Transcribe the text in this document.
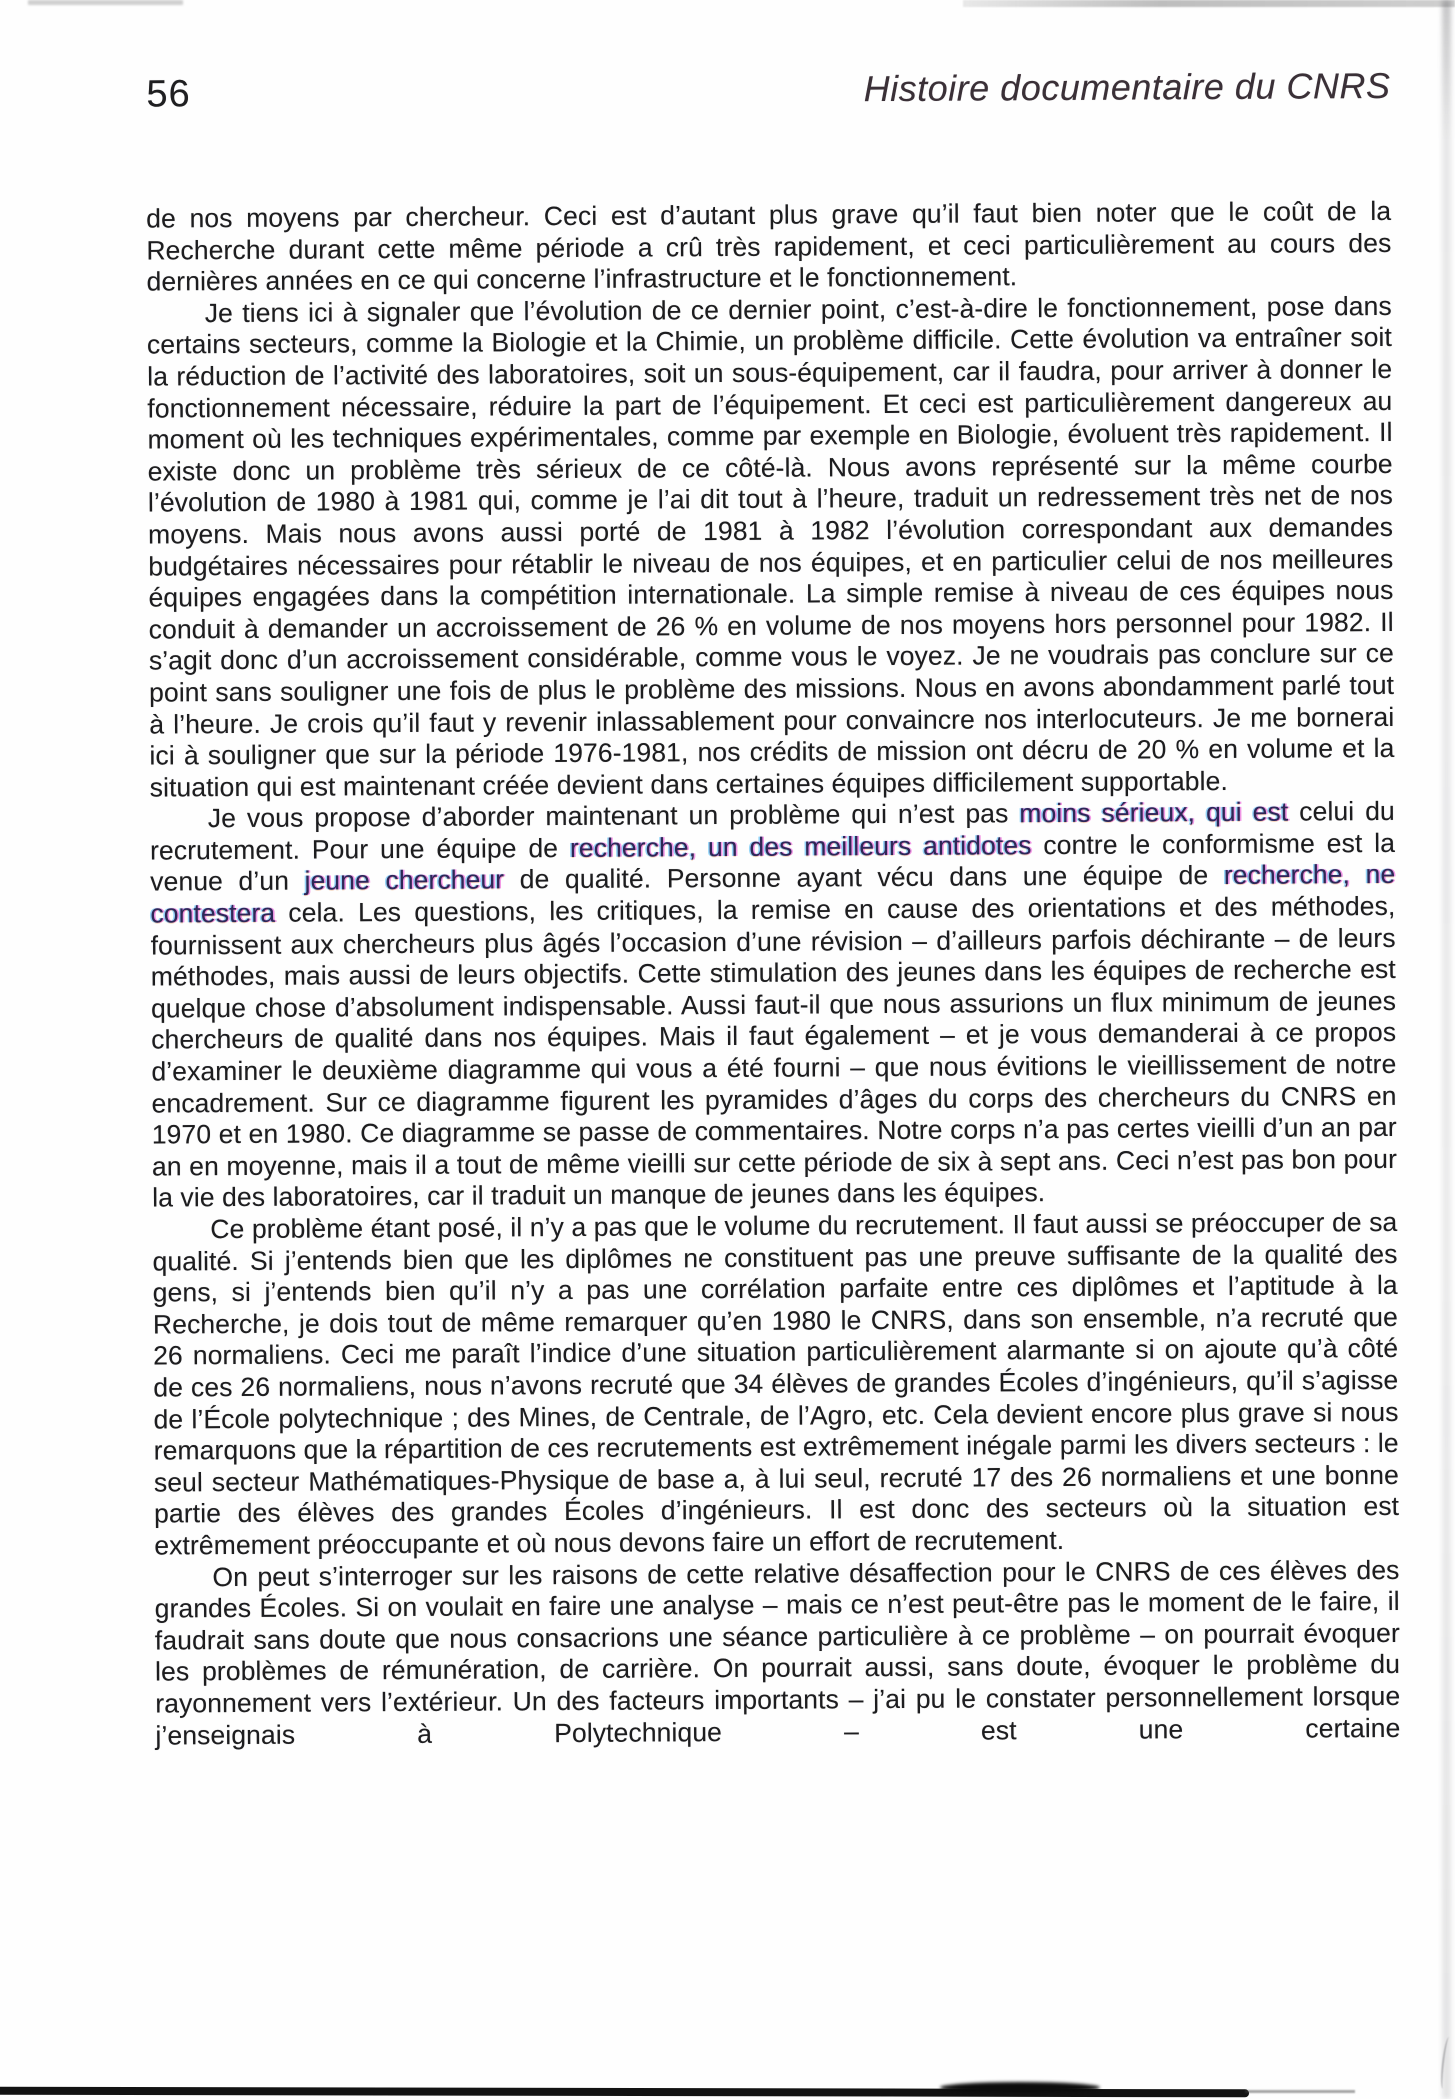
56	Histoire documentaire du CNRS

de nos moyens par chercheur. Ceci est d’autant plus grave qu’il faut bien noter que le coût de la Recherche durant cette même période a crû très rapidement, et ceci particulièrement au cours des dernières années en ce qui concerne l’infrastructure et le fonctionnement.

Je tiens ici à signaler que l’évolution de ce dernier point, c’est-à-dire le fonctionnement, pose dans certains secteurs, comme la Biologie et la Chimie, un problème difficile. Cette évolution va entraîner soit la réduction de l’activité des laboratoires, soit un sous-équipement, car il faudra, pour arriver à donner le fonctionnement nécessaire, réduire la part de l’équipement. Et ceci est particulièrement dangereux au moment où les techniques expérimentales, comme par exemple en Biologie, évoluent très rapidement. Il existe donc un problème très sérieux de ce côté-là. Nous avons représenté sur la même courbe l’évolution de 1980 à 1981 qui, comme je l’ai dit tout à l’heure, traduit un redressement très net de nos moyens. Mais nous avons aussi porté de 1981 à 1982 l’évolution correspondant aux demandes budgétaires nécessaires pour rétablir le niveau de nos équipes, et en particulier celui de nos meilleures équipes engagées dans la compétition internationale. La simple remise à niveau de ces équipes nous conduit à demander un accroissement de 26 % en volume de nos moyens hors personnel pour 1982. Il s’agit donc d’un accroissement considérable, comme vous le voyez. Je ne voudrais pas conclure sur ce point sans souligner une fois de plus le problème des missions. Nous en avons abondamment parlé tout à l’heure. Je crois qu’il faut y revenir inlassablement pour convaincre nos interlocuteurs. Je me bornerai ici à souligner que sur la période 1976-1981, nos crédits de mission ont décru de 20 % en volume et la situation qui est maintenant créée devient dans certaines équipes difficilement supportable.

Je vous propose d’aborder maintenant un problème qui n’est pas moins sérieux, qui est celui du recrutement. Pour une équipe de recherche, un des meilleurs antidotes contre le conformisme est la venue d’un jeune chercheur de qualité. Personne ayant vécu dans une équipe de recherche, ne contestera cela. Les questions, les critiques, la remise en cause des orientations et des méthodes, fournissent aux chercheurs plus âgés l’occasion d’une révision – d’ailleurs parfois déchirante – de leurs méthodes, mais aussi de leurs objectifs. Cette stimulation des jeunes dans les équipes de recherche est quelque chose d’absolument indispensable. Aussi faut-il que nous assurions un flux minimum de jeunes chercheurs de qualité dans nos équipes. Mais il faut également – et je vous demanderai à ce propos d’examiner le deuxième diagramme qui vous a été fourni – que nous évitions le vieillissement de notre encadrement. Sur ce diagramme figurent les pyramides d’âges du corps des chercheurs du CNRS en 1970 et en 1980. Ce diagramme se passe de commentaires. Notre corps n’a pas certes vieilli d’un an par an en moyenne, mais il a tout de même vieilli sur cette période de six à sept ans. Ceci n’est pas bon pour la vie des laboratoires, car il traduit un manque de jeunes dans les équipes.

Ce problème étant posé, il n’y a pas que le volume du recrutement. Il faut aussi se préoccuper de sa qualité. Si j’entends bien que les diplômes ne constituent pas une preuve suffisante de la qualité des gens, si j’entends bien qu’il n’y a pas une corrélation parfaite entre ces diplômes et l’aptitude à la Recherche, je dois tout de même remarquer qu’en 1980 le CNRS, dans son ensemble, n’a recruté que 26 normaliens. Ceci me paraît l’indice d’une situation particulièrement alarmante si on ajoute qu’à côté de ces 26 normaliens, nous n’avons recruté que 34 élèves de grandes Écoles d’ingénieurs, qu’il s’agisse de l’École polytechnique ; des Mines, de Centrale, de l’Agro, etc. Cela devient encore plus grave si nous remarquons que la répartition de ces recrutements est extrêmement inégale parmi les divers secteurs : le seul secteur Mathématiques-Physique de base a, à lui seul, recruté 17 des 26 normaliens et une bonne partie des élèves des grandes Écoles d’ingénieurs. Il est donc des secteurs où la situation est extrêmement préoccupante et où nous devons faire un effort de recrutement.

On peut s’interroger sur les raisons de cette relative désaffection pour le CNRS de ces élèves des grandes Écoles. Si on voulait en faire une analyse – mais ce n’est peut-être pas le moment de le faire, il faudrait sans doute que nous consacrions une séance particulière à ce problème – on pourrait évoquer les problèmes de rémunération, de carrière. On pourrait aussi, sans doute, évoquer le problème du rayonnement vers l’extérieur. Un des facteurs importants – j’ai pu le constater personnellement lorsque j’enseignais à Polytechnique – est une certaine
